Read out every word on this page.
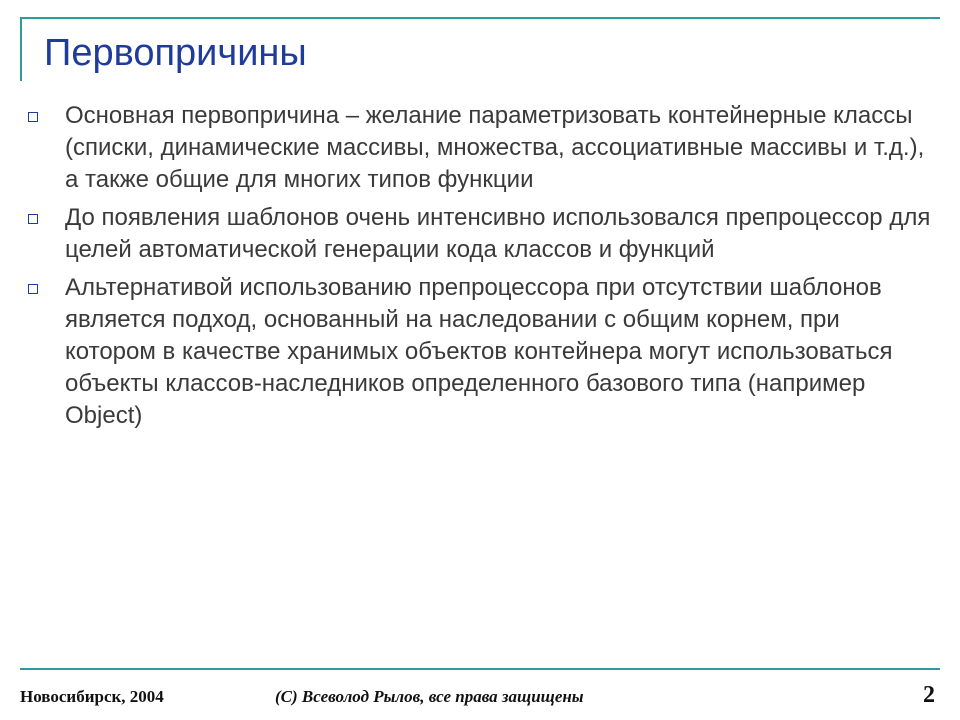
Первопричины
Основная первопричина – желание параметризовать контейнерные классы (списки, динамические массивы, множества, ассоциативные массивы и т.д.), а также общие для многих типов функции
До появления шаблонов очень интенсивно использовался препроцессор для целей автоматической генерации кода классов и функций
Альтернативой использованию препроцессора при отсутствии шаблонов является подход, основанный на наследовании с общим корнем, при котором в качестве хранимых объектов контейнера могут использоваться объекты классов-наследников определенного базового типа (например Object)
Новосибирск, 2004	(C) Всеволод Рылов, все права защищены	2
